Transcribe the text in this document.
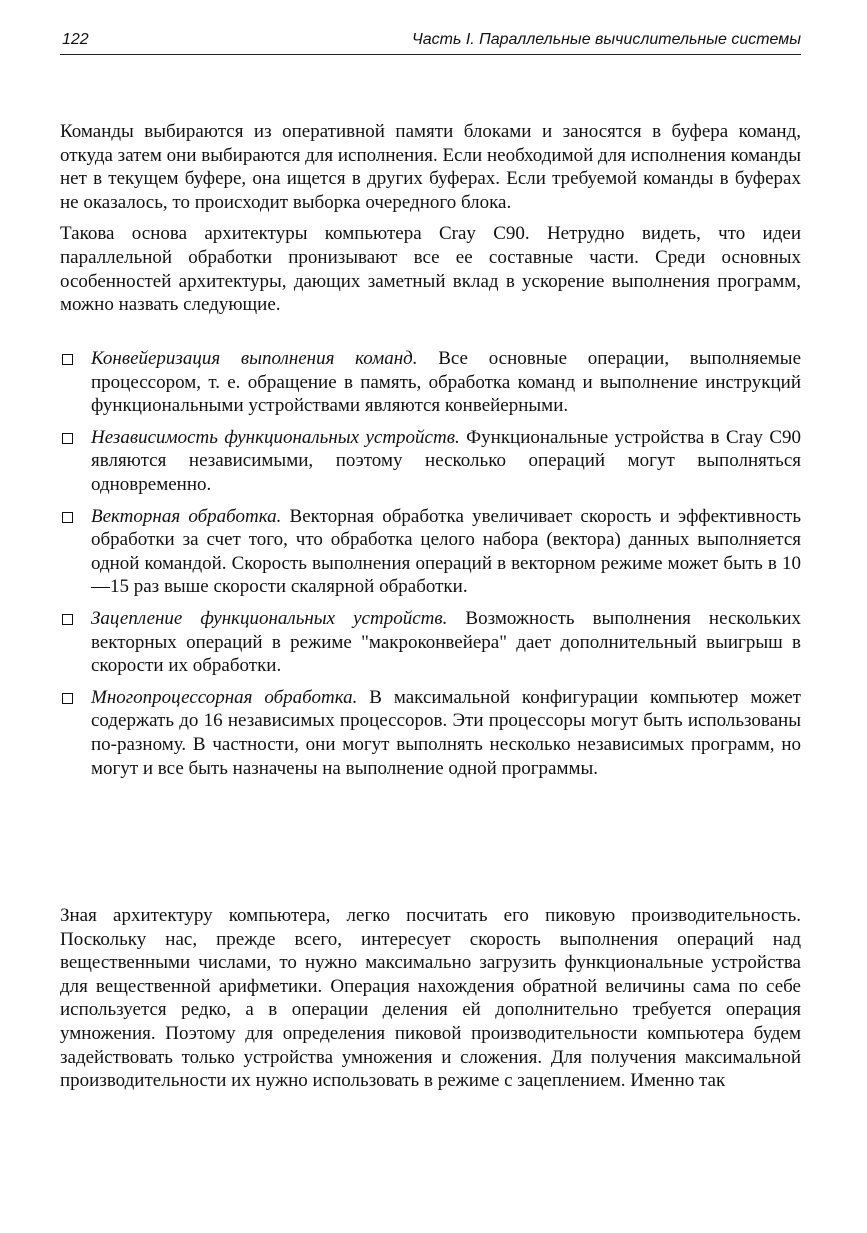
122	Часть I. Параллельные вычислительные системы

Команды выбираются из оперативной памяти блоками и заносятся в буфера команд, откуда затем они выбираются для исполнения. Если необходимой для исполнения команды нет в текущем буфере, она ищется в других буферах. Если требуемой команды в буферах не оказалось, то происходит выборка очередного блока.

Такова основа архитектуры компьютера Cray C90. Нетрудно видеть, что идеи параллельной обработки пронизывают все ее составные части. Среди основных особенностей архитектуры, дающих заметный вклад в ускорение выполнения программ, можно назвать следующие.

Конвейеризация выполнения команд. Все основные операции, выполняемые процессором, т. е. обращение в память, обработка команд и выполнение инструкций функциональными устройствами являются конвейерными.
Независимость функциональных устройств. Функциональные устройства в Cray C90 являются независимыми, поэтому несколько операций могут выполняться одновременно.
Векторная обработка. Векторная обработка увеличивает скорость и эффективность обработки за счет того, что обработка целого набора (вектора) данных выполняется одной командой. Скорость выполнения операций в векторном режиме может быть в 10—15 раз выше скорости скалярной обработки.
Зацепление функциональных устройств. Возможность выполнения нескольких векторных операций в режиме "макроконвейера" дает дополнительный выигрыш в скорости их обработки.
Многопроцессорная обработка. В максимальной конфигурации компьютер может содержать до 16 независимых процессоров. Эти процессоры могут быть использованы по-разному. В частности, они могут выполнять несколько независимых программ, но могут и все быть назначены на выполнение одной программы.

Зная архитектуру компьютера, легко посчитать его пиковую производительность. Поскольку нас, прежде всего, интересует скорость выполнения операций над вещественными числами, то нужно максимально загрузить функциональные устройства для вещественной арифметики. Операция нахождения обратной величины сама по себе используется редко, а в операции деления ей дополнительно требуется операция умножения. Поэтому для определения пиковой производительности компьютера будем задействовать только устройства умножения и сложения. Для получения максимальной производительности их нужно использовать в режиме с зацеплением. Именно так
